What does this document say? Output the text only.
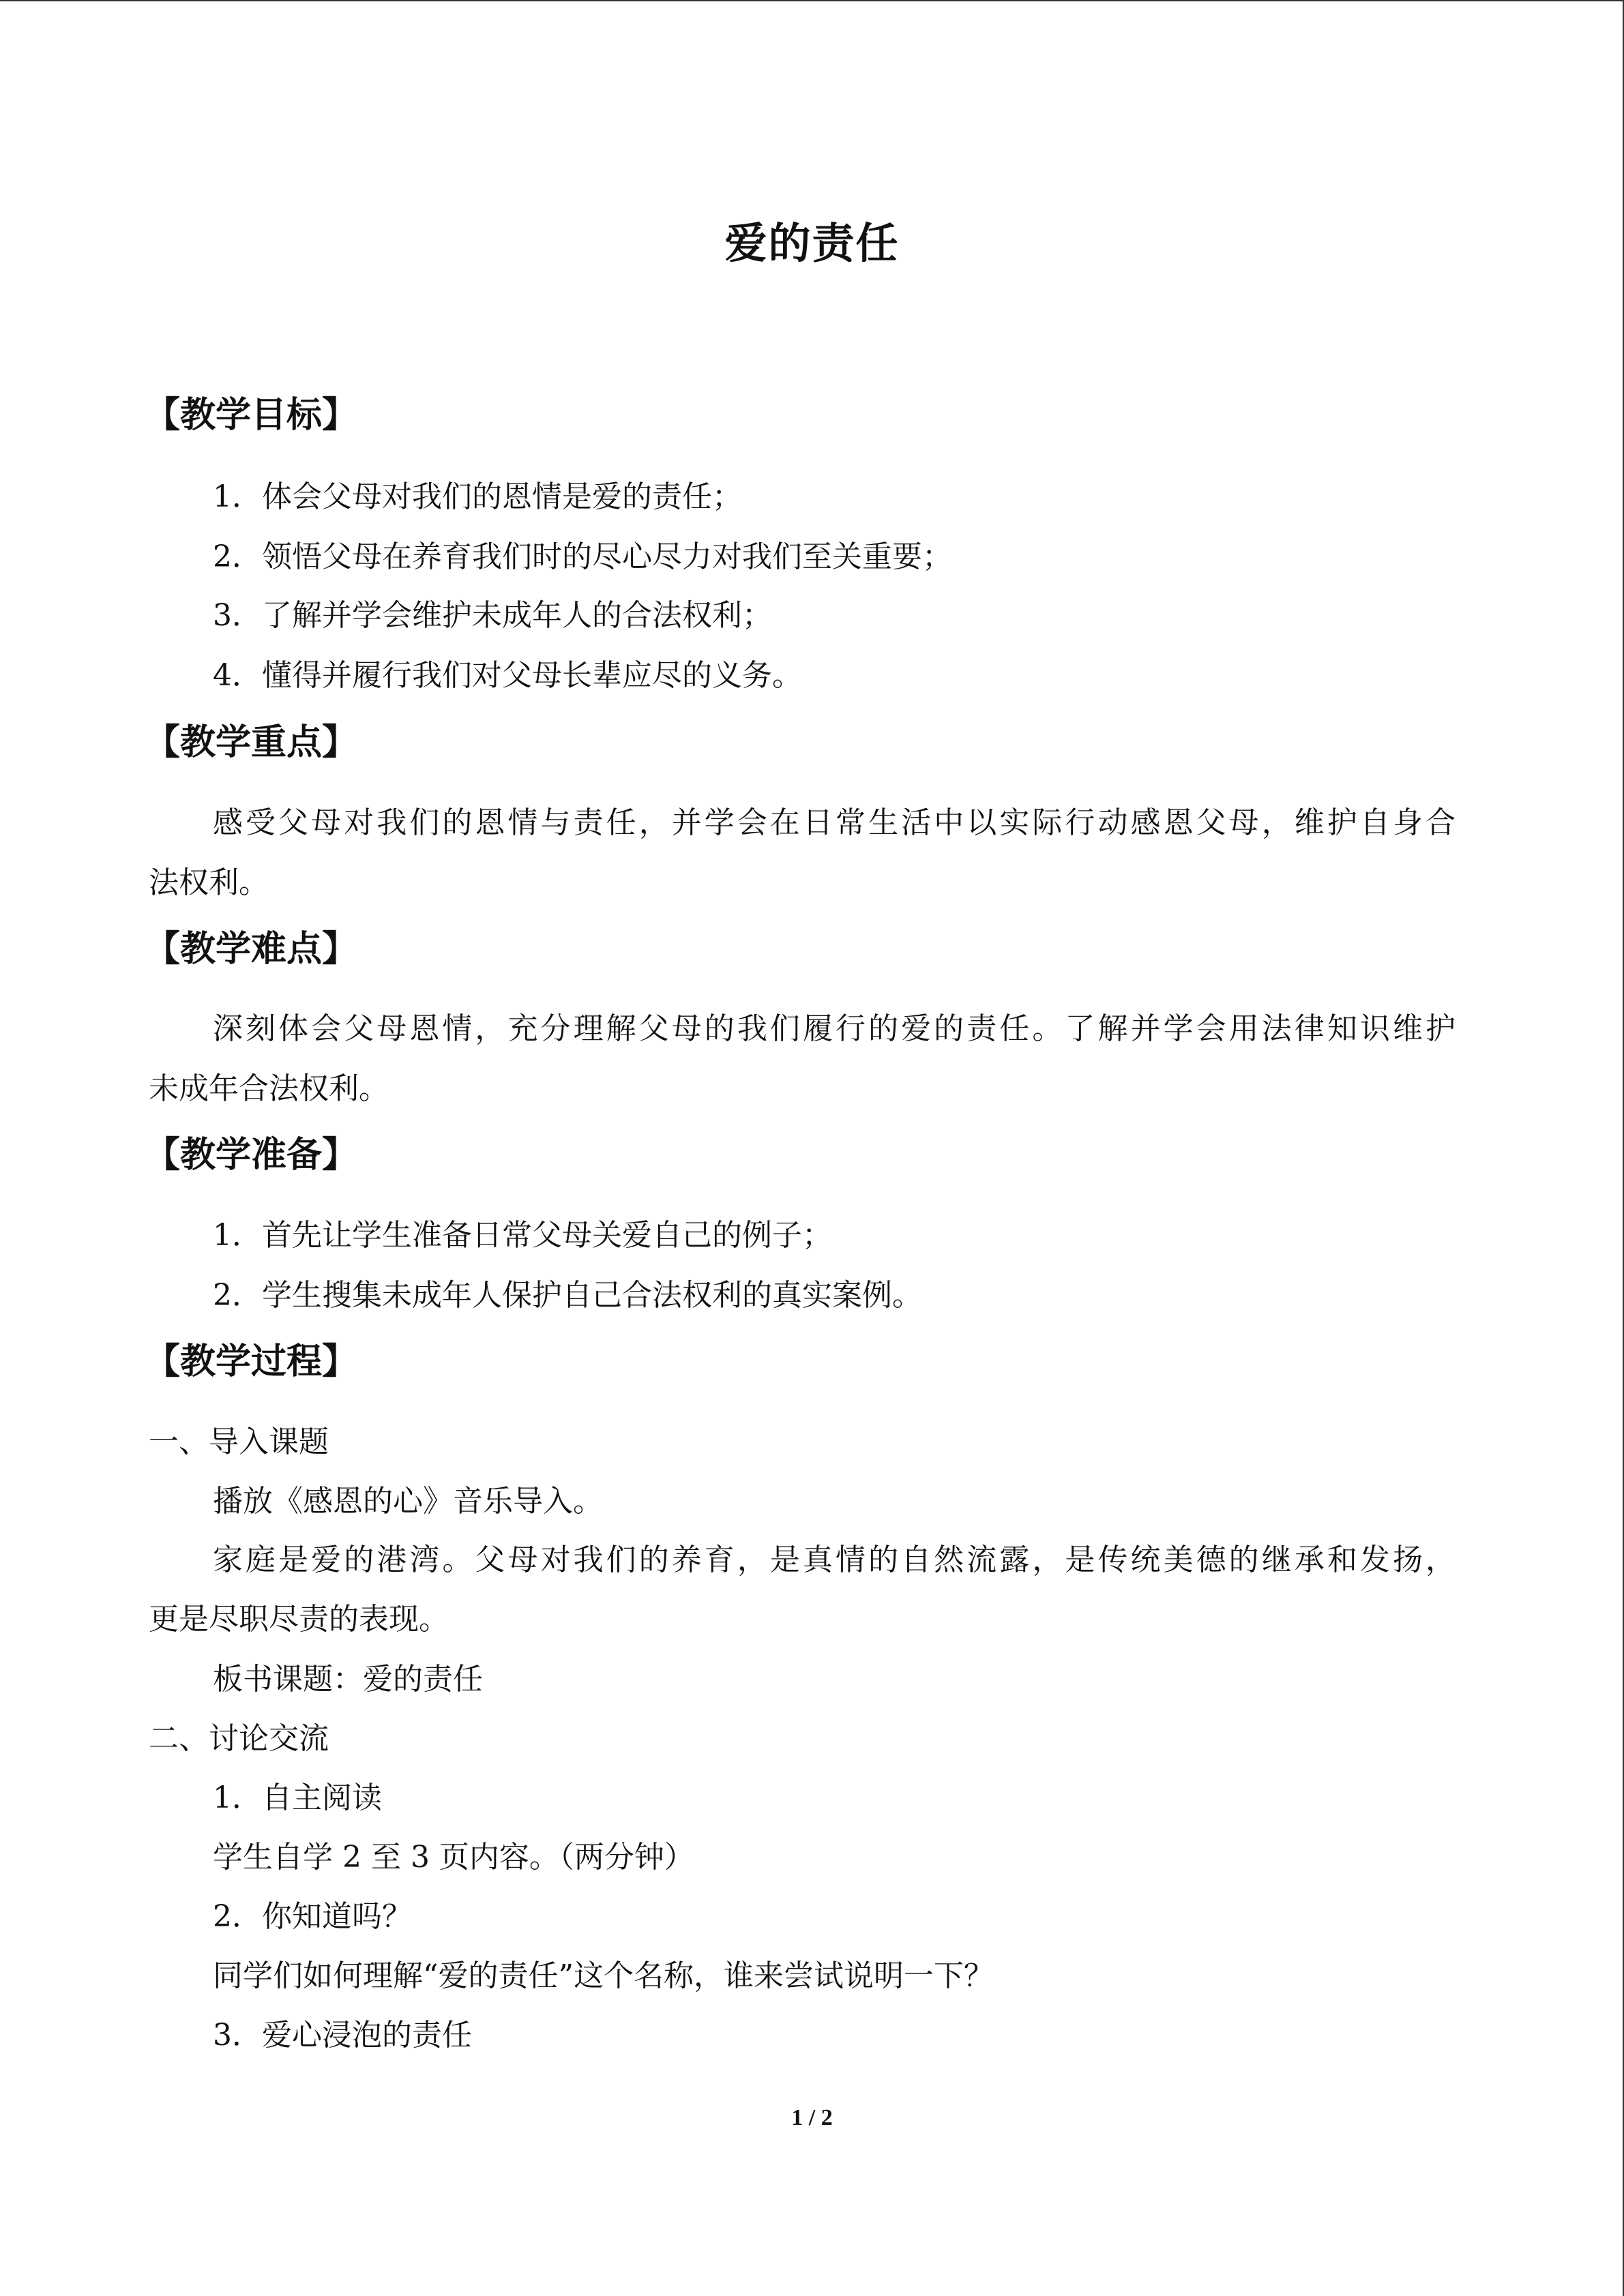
爱的责任
【教学目标】
1．体会父母对我们的恩情是爱的责任；
2．领悟父母在养育我们时的尽心尽力对我们至关重要；
3．了解并学会维护未成年人的合法权利；
4．懂得并履行我们对父母长辈应尽的义务。
【教学重点】
感受父母对我们的恩情与责任，并学会在日常生活中以实际行动感恩父母，维护自身合
法权利。
【教学难点】
深刻体会父母恩情，充分理解父母的我们履行的爱的责任。了解并学会用法律知识维护
未成年合法权利。
【教学准备】
1．首先让学生准备日常父母关爱自己的例子；
2．学生搜集未成年人保护自己合法权利的真实案例。
【教学过程】
一、导入课题
播放《感恩的心》音乐导入。
家庭是爱的港湾。父母对我们的养育，是真情的自然流露，是传统美德的继承和发扬，
更是尽职尽责的表现。
板书课题：爱的责任
二、讨论交流
1．自主阅读
学生自学 2 至 3 页内容。（两分钟）
2．你知道吗？
同学们如何理解“爱的责任”这个名称，谁来尝试说明一下？
3．爱心浸泡的责任
1 / 2
